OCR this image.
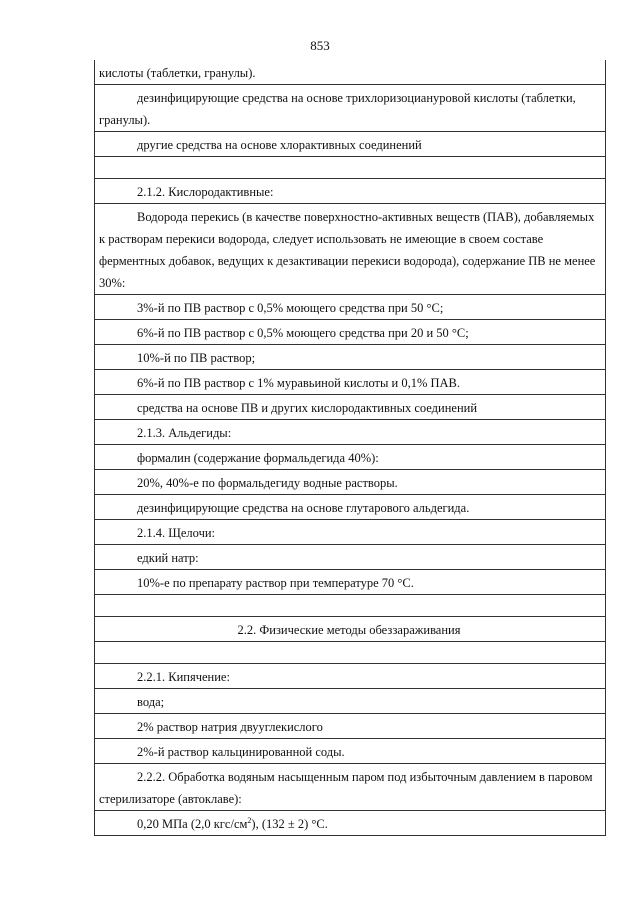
853
кислоты (таблетки, гранулы).
дезинфицирующие средства на основе трихлоризоциануровой кислоты (таблетки, гранулы).
другие средства на основе хлорактивных соединений
2.1.2. Кислородактивные:
Водорода перекись (в качестве поверхностно-активных веществ (ПАВ), добавляемых к растворам перекиси водорода, следует использовать не имеющие в своем составе ферментных добавок, ведущих к дезактивации перекиси водорода), содержание ПВ не менее 30%:
3%-й по ПВ раствор с 0,5% моющего средства при 50 °С;
6%-й по ПВ раствор с 0,5% моющего средства при 20 и 50 °С;
10%-й по ПВ раствор;
6%-й по ПВ раствор с 1% муравьиной кислоты и 0,1% ПАВ.
средства на основе ПВ и других кислородактивных соединений
2.1.3. Альдегиды:
формалин (содержание формальдегида 40%):
20%, 40%-е по формальдегиду водные растворы.
дезинфицирующие средства на основе глутарового альдегида.
2.1.4. Щелочи:
едкий натр:
10%-е по препарату раствор при температуре 70 °С.
2.2. Физические методы обеззараживания
2.2.1. Кипячение:
вода;
2% раствор натрия двууглекислого
2%-й раствор кальцинированной соды.
2.2.2. Обработка водяным насыщенным паром под избыточным давлением в паровом стерилизаторе (автоклаве):
0,20 МПа (2,0 кгс/$см^2$), (132 ± 2) °С.
